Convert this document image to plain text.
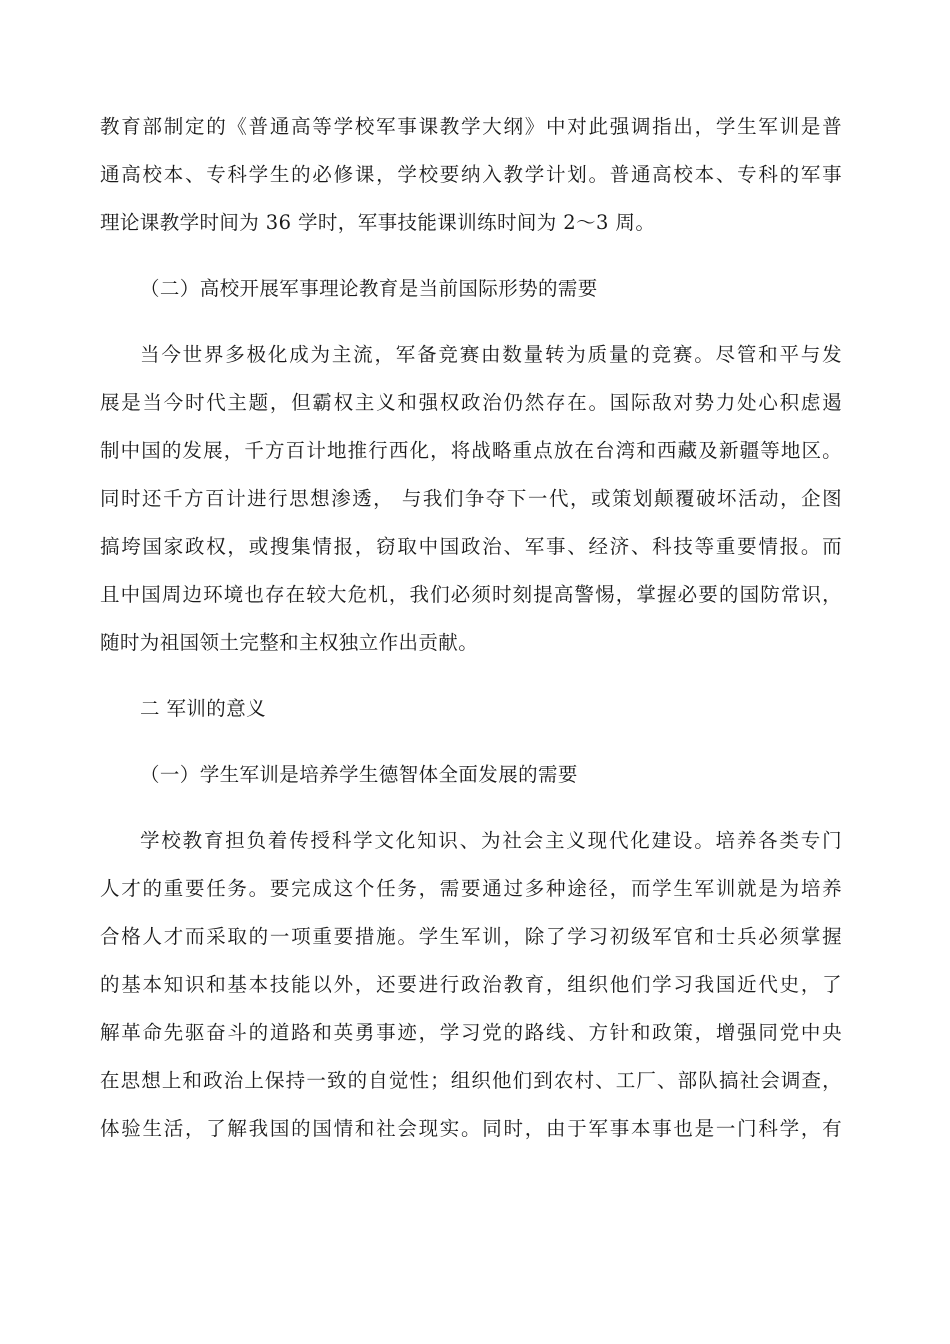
教育部制定的《普通高等学校军事课教学大纲》中对此强调指出，学生军训是普
通高校本、专科学生的必修课，学校要纳入教学计划。普通高校本、专科的军事
理论课教学时间为 36 学时，军事技能课训练时间为 2～3 周。
（二）高校开展军事理论教育是当前国际形势的需要
当今世界多极化成为主流，军备竞赛由数量转为质量的竞赛。尽管和平与发
展是当今时代主题，但霸权主义和强权政治仍然存在。国际敌对势力处心积虑遏
制中国的发展，千方百计地推行西化，将战略重点放在台湾和西藏及新疆等地区。
同时还千方百计进行思想渗透， 与我们争夺下一代，或策划颠覆破坏活动，企图
搞垮国家政权，或搜集情报，窃取中国政治、军事、经济、科技等重要情报。而
且中国周边环境也存在较大危机，我们必须时刻提高警惕，掌握必要的国防常识，
随时为祖国领土完整和主权独立作出贡献。
二 军训的意义
（一）学生军训是培养学生德智体全面发展的需要
学校教育担负着传授科学文化知识、为社会主义现代化建设。培养各类专门
人才的重要任务。要完成这个任务，需要通过多种途径，而学生军训就是为培养
合格人才而采取的一项重要措施。学生军训，除了学习初级军官和士兵必须掌握
的基本知识和基本技能以外，还要进行政治教育，组织他们学习我国近代史，了
解革命先驱奋斗的道路和英勇事迹，学习党的路线、方针和政策，增强同党中央
在思想上和政治上保持一致的自觉性；组织他们到农村、工厂、部队搞社会调查，
体验生活，了解我国的国情和社会现实。同时，由于军事本事也是一门科学，有
